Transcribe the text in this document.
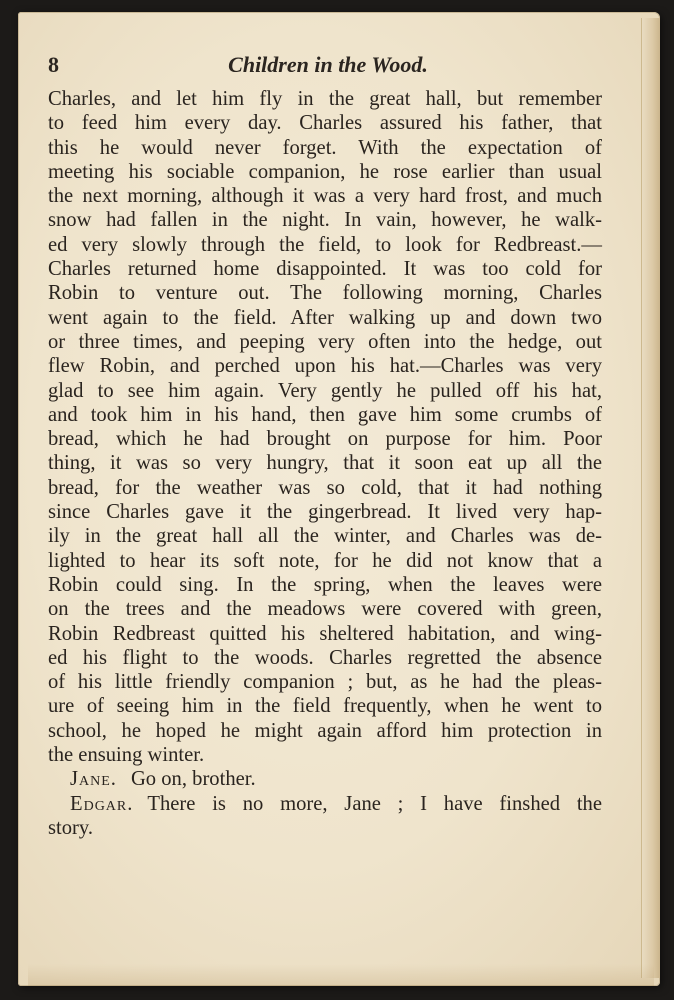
8	Children in the Wood.
Charles, and let him fly in the great hall, but remember
to feed him every day. Charles assured his father, that
this he would never forget. With the expectation of
meeting his sociable companion, he rose earlier than usual
the next morning, although it was a very hard frost, and much
snow had fallen in the night. In vain, however, he walk-
ed very slowly through the field, to look for Redbreast.—
Charles returned home disappointed. It was too cold for
Robin to venture out. The following morning, Charles
went again to the field. After walking up and down two
or three times, and peeping very often into the hedge, out
flew Robin, and perched upon his hat.—Charles was very
glad to see him again. Very gently he pulled off his hat,
and took him in his hand, then gave him some crumbs of
bread, which he had brought on purpose for him. Poor
thing, it was so very hungry, that it soon eat up all the
bread, for the weather was so cold, that it had nothing
since Charles gave it the gingerbread. It lived very hap-
ily in the great hall all the winter, and Charles was de-
lighted to hear its soft note, for he did not know that a
Robin could sing. In the spring, when the leaves were
on the trees and the meadows were covered with green,
Robin Redbreast quitted his sheltered habitation, and wing-
ed his flight to the woods. Charles regretted the absence
of his little friendly companion ; but, as he had the pleas-
ure of seeing him in the field frequently, when he went to
school, he hoped he might again afford him protection in
the ensuing winter.
Jane. Go on, brother.
Edgar. There is no more, Jane ; I have finshed the
story.
